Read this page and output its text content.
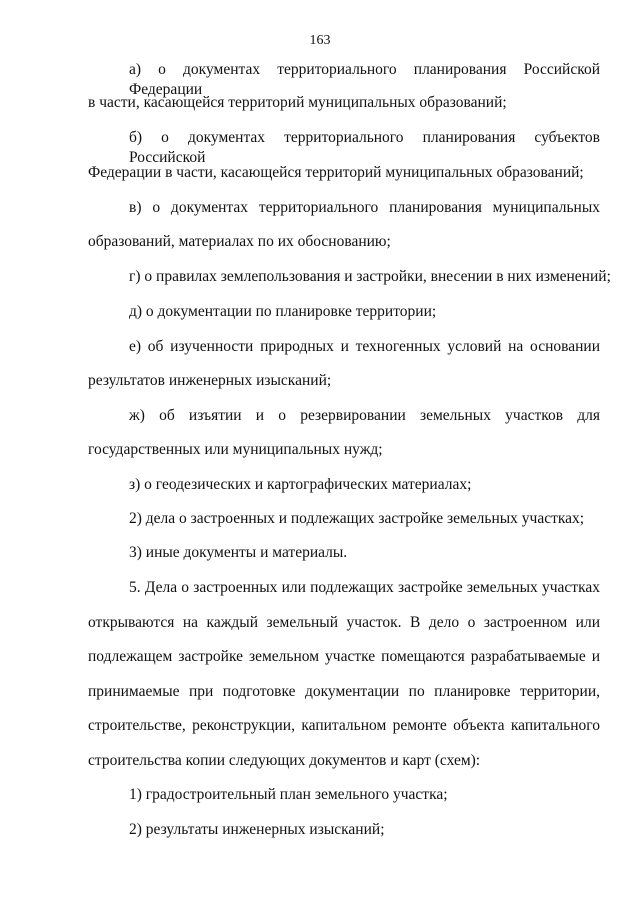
163
а) о документах территориального планирования Российской Федерации
в части, касающейся территорий муниципальных образований;
б) о документах территориального планирования субъектов Российской
Федерации в части, касающейся территорий муниципальных образований;
в) о документах территориального планирования муниципальных
образований, материалах по их обоснованию;
г) о правилах землепользования и застройки, внесении в них изменений;
д) о документации по планировке территории;
е) об изученности природных и техногенных условий на основании
результатов инженерных изысканий;
ж) об изъятии и о резервировании земельных участков для
государственных или муниципальных нужд;
з) о геодезических и картографических материалах;
2) дела о застроенных и подлежащих застройке земельных участках;
3) иные документы и материалы.
5. Дела о застроенных или подлежащих застройке земельных участках
открываются на каждый земельный участок. В дело о застроенном или
подлежащем застройке земельном участке помещаются разрабатываемые и
принимаемые при подготовке документации по планировке территории,
строительстве, реконструкции, капитальном ремонте объекта капитального
строительства копии следующих документов и карт (схем):
1) градостроительный план земельного участка;
2) результаты инженерных изысканий;
